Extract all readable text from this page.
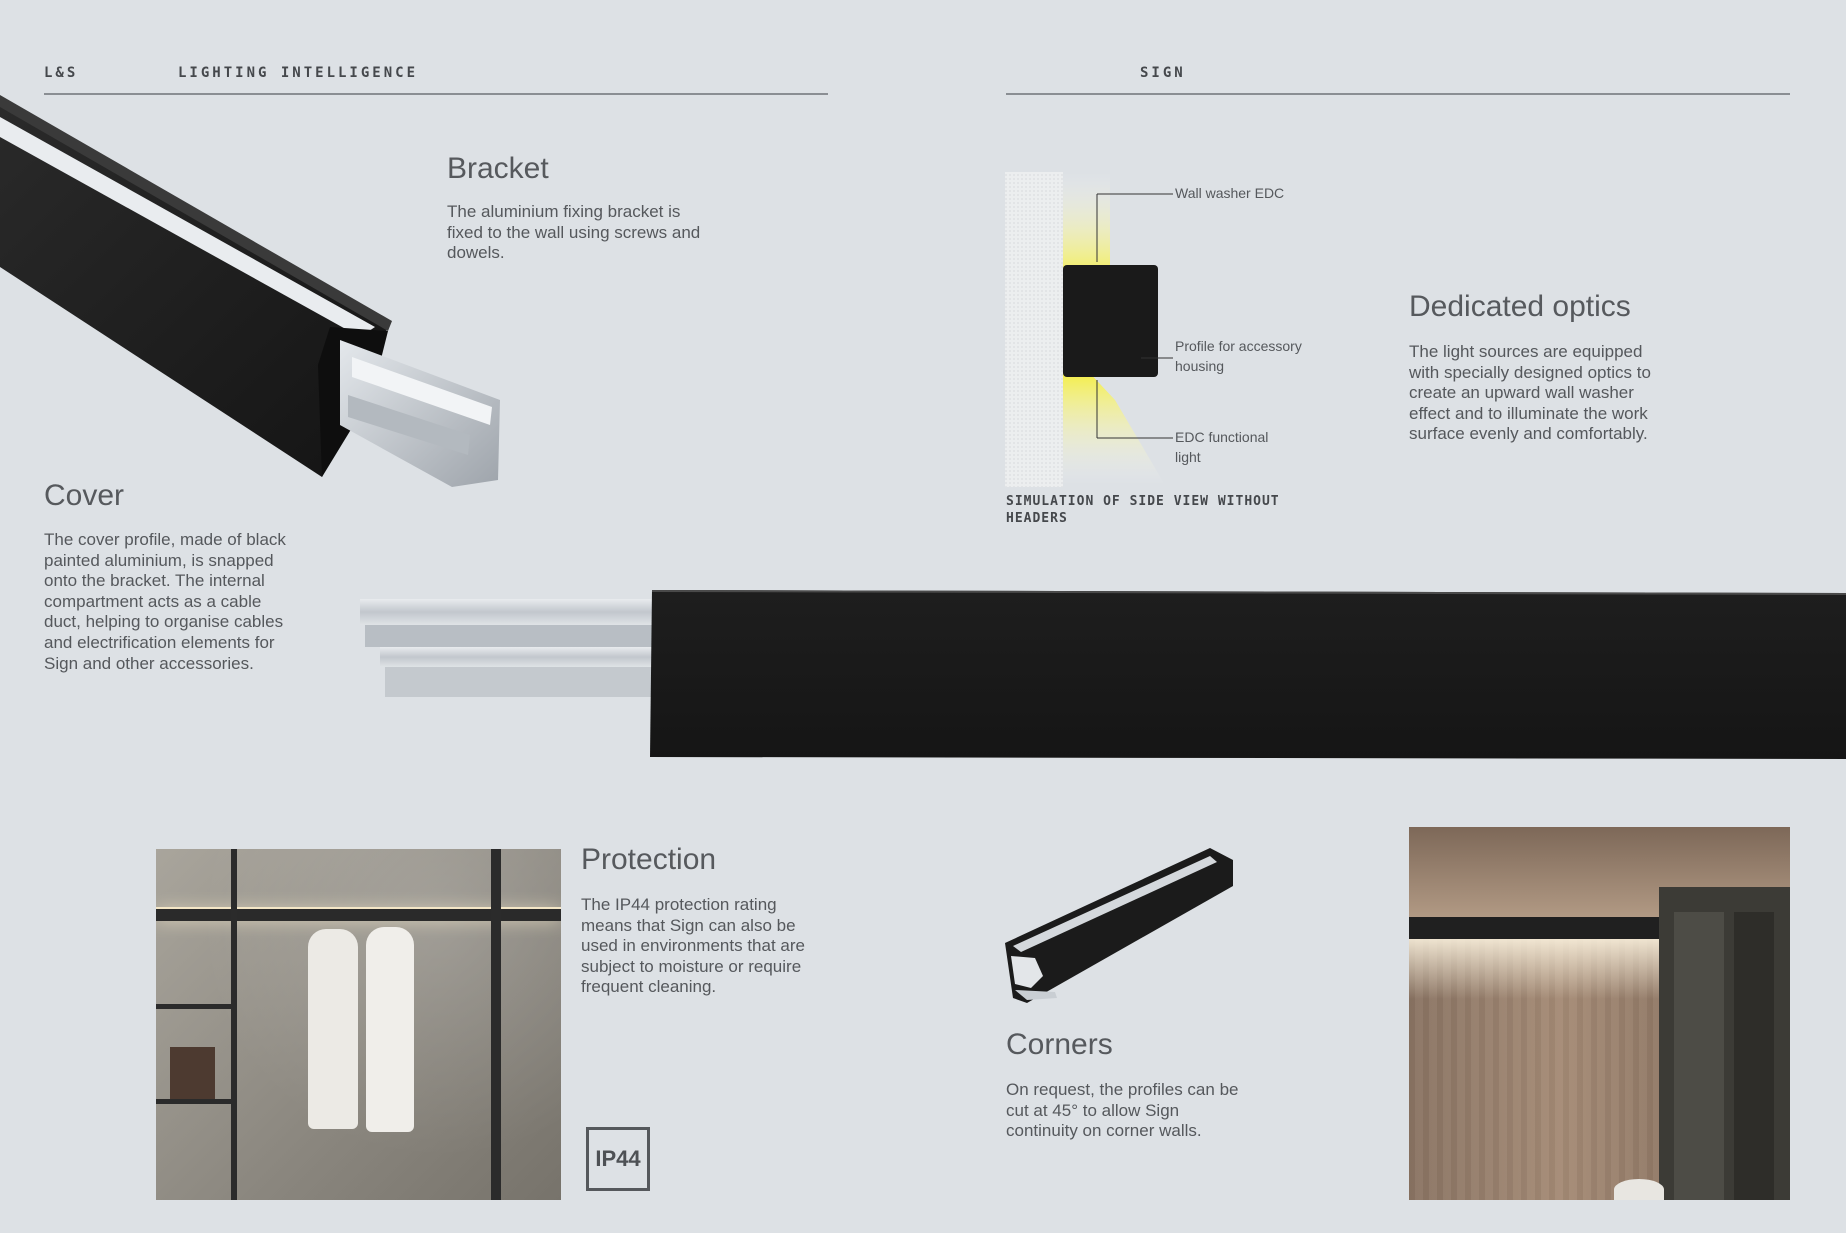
L&S	LIGHTING INTELLIGENCE	SIGN
Bracket

The aluminium fixing bracket is fixed to the wall using screws and dowels.

Cover

The cover profile, made of black painted aluminium, is snapped onto the bracket. The internal compartment acts as a cable duct, helping to organise cables and electrification elements for Sign and other accessories.

Wall washer EDC
Profile for accessory housing
EDC functional light
SIMULATION OF SIDE VIEW WITHOUT HEADERS
Dedicated optics

The light sources are equipped with specially designed optics to create an upward wall washer effect and to illuminate the work surface evenly and comfortably.

Protection

The IP44 protection rating means that Sign can also be used in environments that are subject to moisture or require frequent cleaning.

IP44
Corners

On request, the profiles can be cut at 45° to allow Sign continuity on corner walls.
